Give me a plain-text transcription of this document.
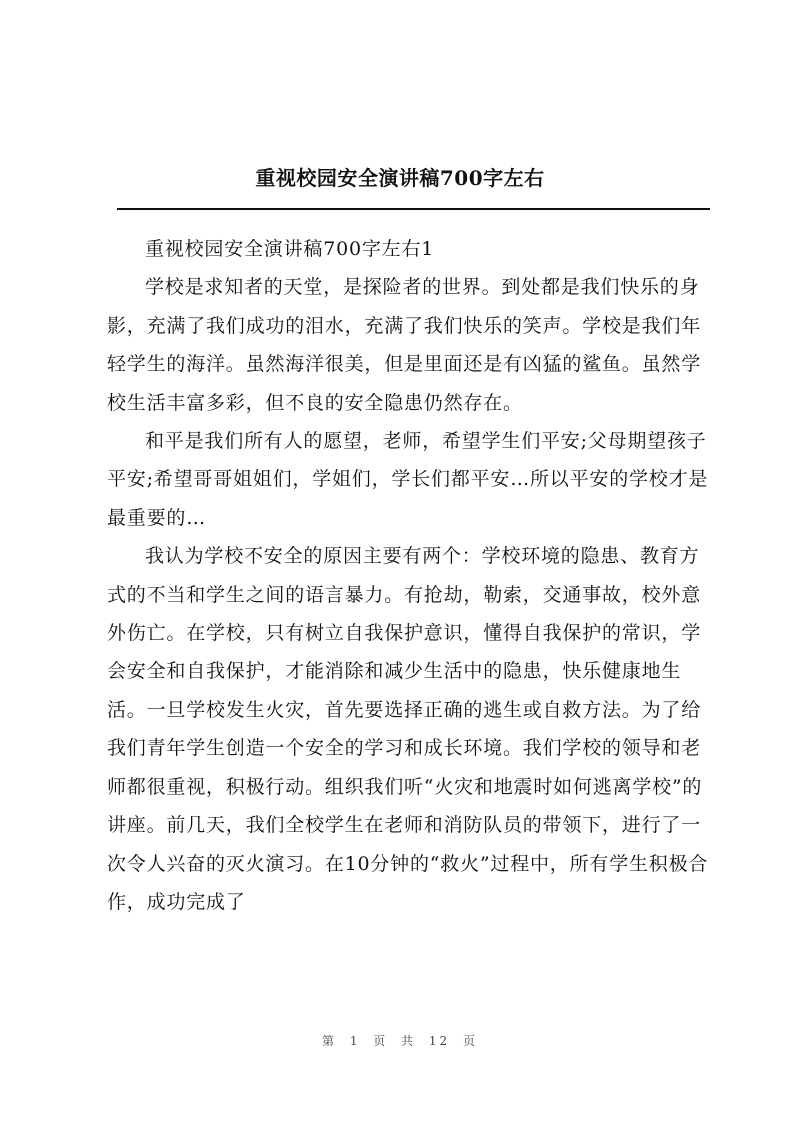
重视校园安全演讲稿700字左右

重视校园安全演讲稿700字左右1

学校是求知者的天堂，是探险者的世界。到处都是我们快乐的身影，充满了我们成功的泪水，充满了我们快乐的笑声。学校是我们年轻学生的海洋。虽然海洋很美，但是里面还是有凶猛的鲨鱼。虽然学校生活丰富多彩，但不良的安全隐患仍然存在。

和平是我们所有人的愿望，老师，希望学生们平安;父母期望孩子平安;希望哥哥姐姐们，学姐们，学长们都平安…所以平安的学校才是最重要的…

我认为学校不安全的原因主要有两个：学校环境的隐患、教育方式的不当和学生之间的语言暴力。有抢劫，勒索，交通事故，校外意外伤亡。在学校，只有树立自我保护意识，懂得自我保护的常识，学会安全和自我保护，才能消除和减少生活中的隐患，快乐健康地生活。一旦学校发生火灾，首先要选择正确的逃生或自救方法。为了给我们青年学生创造一个安全的学习和成长环境。我们学校的领导和老师都很重视，积极行动。组织我们听“火灾和地震时如何逃离学校”的讲座。前几天，我们全校学生在老师和消防队员的带领下，进行了一次令人兴奋的灭火演习。在10分钟的“救火”过程中，所有学生积极合作，成功完成了

第 1 页 共 12 页
